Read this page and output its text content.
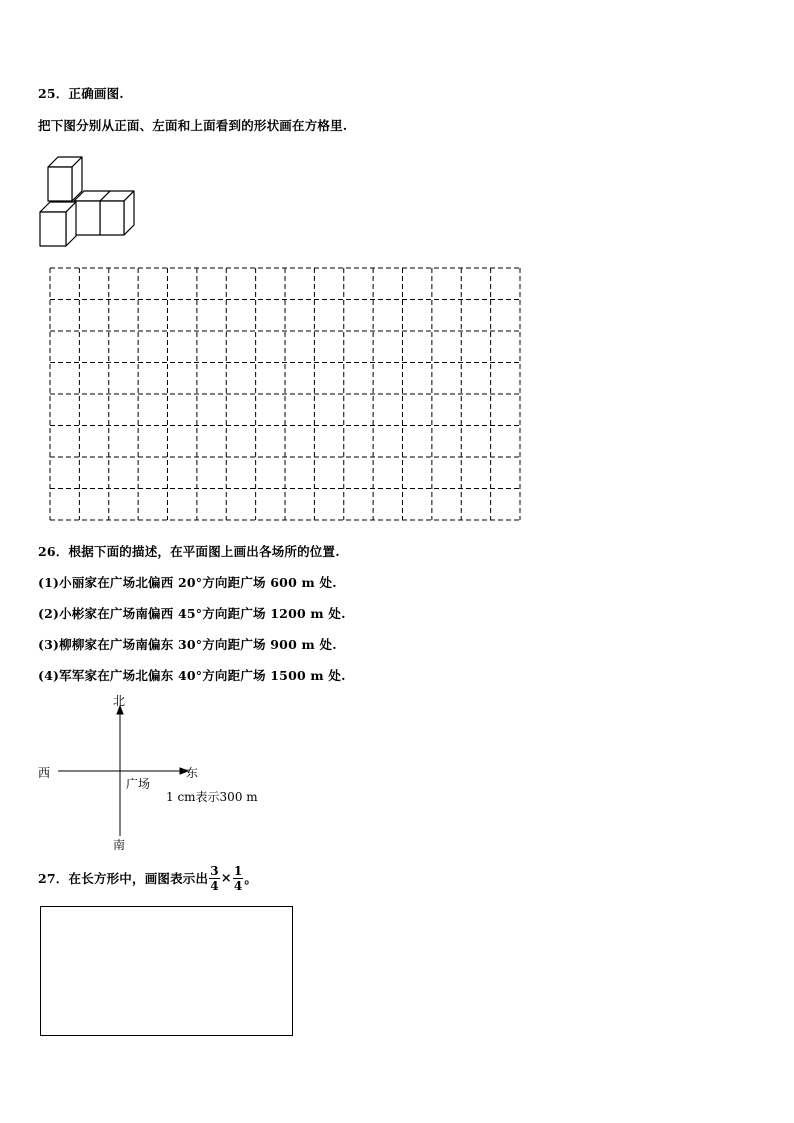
25．正确画图.
把下图分别从正面、左面和上面看到的形状画在方格里.
26．根据下面的描述，在平面图上画出各场所的位置.
(1)小丽家在广场北偏西 20°方向距广场 600 m 处.
(2)小彬家在广场南偏西 45°方向距广场 1200 m 处.
(3)柳柳家在广场南偏东 30°方向距广场 900 m 处.
(4)军军家在广场北偏东 40°方向距广场 1500 m 处.
北
南
西	东
广场
1 cm表示300 m
27．在长方形中，画图表示出 $\frac{3}{4} \times \frac{1}{4}$ 。
